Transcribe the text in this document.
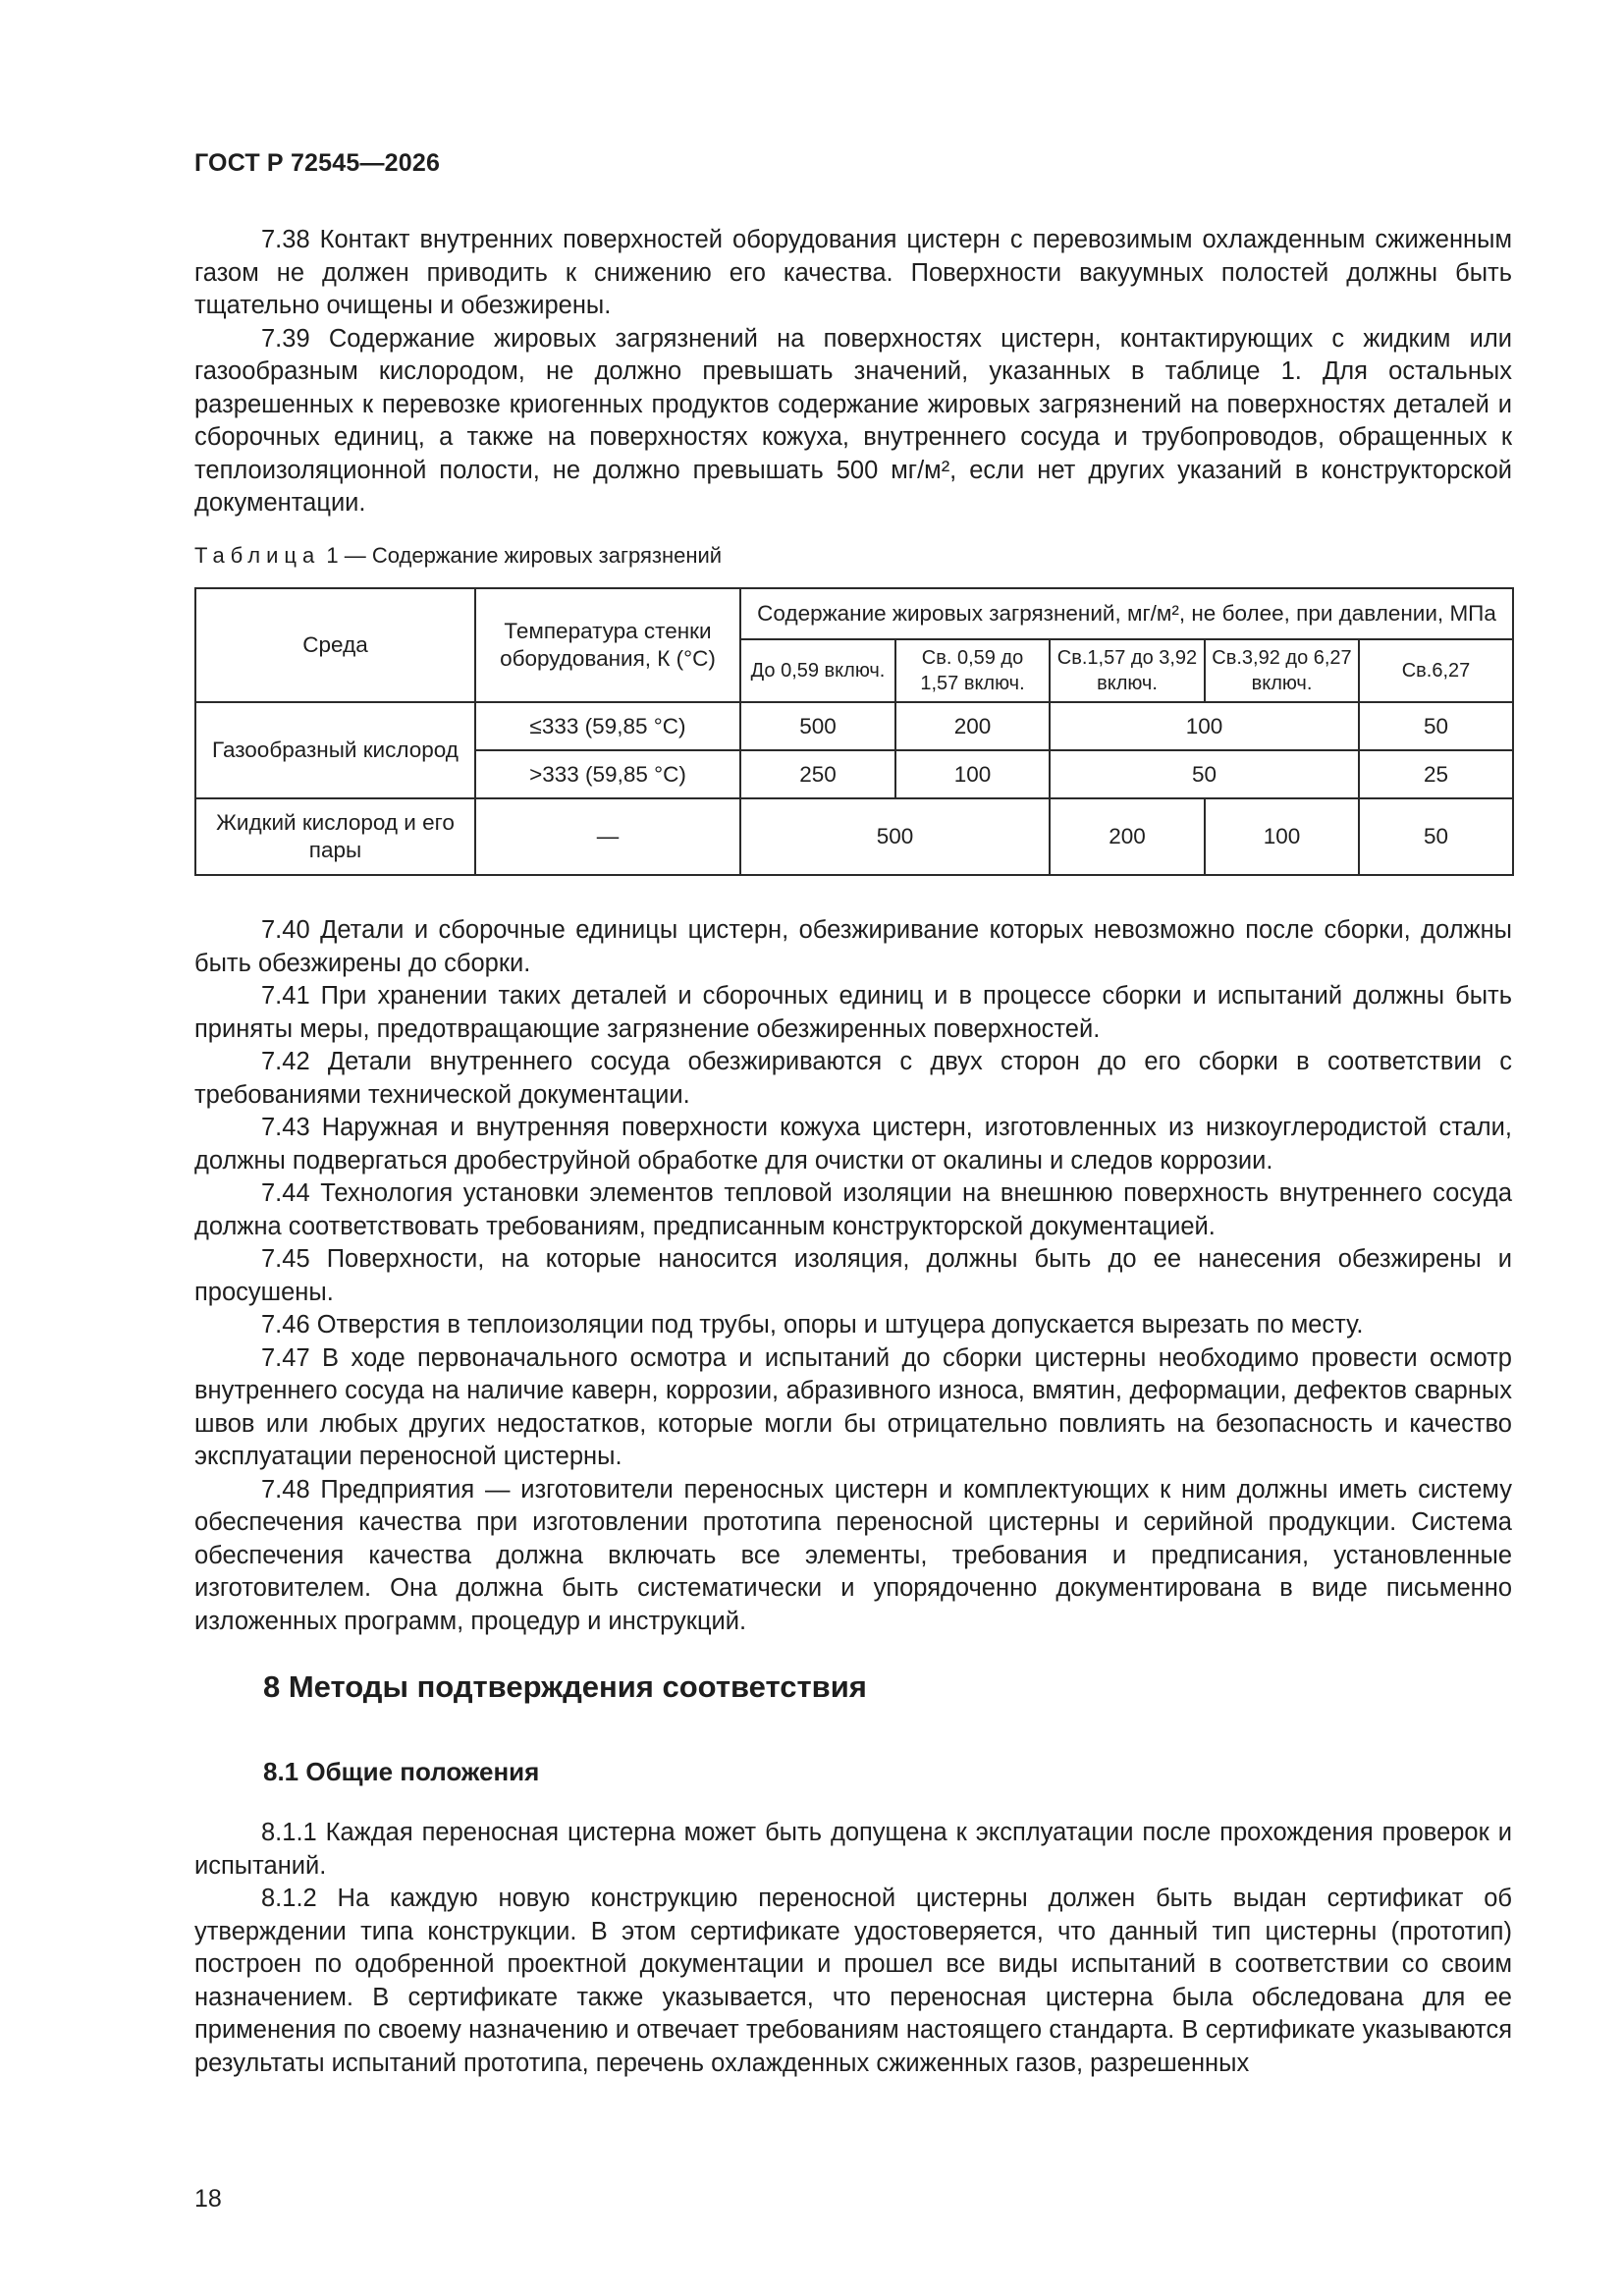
ГОСТ Р 72545—2026

7.38 Контакт внутренних поверхностей оборудования цистерн с перевозимым охлажденным сжиженным газом не должен приводить к снижению его качества. Поверхности вакуумных полостей должны быть тщательно очищены и обезжирены.

7.39 Содержание жировых загрязнений на поверхностях цистерн, контактирующих с жидким или газообразным кислородом, не должно превышать значений, указанных в таблице 1. Для остальных разрешенных к перевозке криогенных продуктов содержание жировых загрязнений на поверхностях деталей и сборочных единиц, а также на поверхностях кожуха, внутреннего сосуда и трубопроводов, обращенных к теплоизоляционной полости, не должно превышать 500 мг/м², если нет других указаний в конструкторской документации.

Таблица 1 — Содержание жировых загрязнений
Среда	Температура стенки оборудования, К (°С)	Содержание жировых загрязнений, мг/м², не более, при давлении, МПа				
		До 0,59 включ.	Св. 0,59 до 1,57 включ.	Св.1,57 до 3,92 включ.	Св.3,92 до 6,27 включ.	Св.6,27
Газообразный кислород	≤333 (59,85 °С)	500	200	100		50
	>333 (59,85 °С)	250	100	50		25
Жидкий кислород и его пары	—	500		200	100	50

7.40 Детали и сборочные единицы цистерн, обезжиривание которых невозможно после сборки, должны быть обезжирены до сборки.

7.41 При хранении таких деталей и сборочных единиц и в процессе сборки и испытаний должны быть приняты меры, предотвращающие загрязнение обезжиренных поверхностей.

7.42 Детали внутреннего сосуда обезжириваются с двух сторон до его сборки в соответствии с требованиями технической документации.

7.43 Наружная и внутренняя поверхности кожуха цистерн, изготовленных из низкоуглеродистой стали, должны подвергаться дробеструйной обработке для очистки от окалины и следов коррозии.

7.44 Технология установки элементов тепловой изоляции на внешнюю поверхность внутреннего сосуда должна соответствовать требованиям, предписанным конструкторской документацией.

7.45 Поверхности, на которые наносится изоляция, должны быть до ее нанесения обезжирены и просушены.

7.46 Отверстия в теплоизоляции под трубы, опоры и штуцера допускается вырезать по месту.

7.47 В ходе первоначального осмотра и испытаний до сборки цистерны необходимо провести осмотр внутреннего сосуда на наличие каверн, коррозии, абразивного износа, вмятин, деформации, дефектов сварных швов или любых других недостатков, которые могли бы отрицательно повлиять на безопасность и качество эксплуатации переносной цистерны.

7.48 Предприятия — изготовители переносных цистерн и комплектующих к ним должны иметь систему обеспечения качества при изготовлении прототипа переносной цистерны и серийной продукции. Система обеспечения качества должна включать все элементы, требования и предписания, установленные изготовителем. Она должна быть систематически и упорядоченно документирована в виде письменно изложенных программ, процедур и инструкций.

8 Методы подтверждения соответствия
8.1 Общие положения

8.1.1 Каждая переносная цистерна может быть допущена к эксплуатации после прохождения проверок и испытаний.

8.1.2 На каждую новую конструкцию переносной цистерны должен быть выдан сертификат об утверждении типа конструкции. В этом сертификате удостоверяется, что данный тип цистерны (прототип) построен по одобренной проектной документации и прошел все виды испытаний в соответствии со своим назначением. В сертификате также указывается, что переносная цистерна была обследована для ее применения по своему назначению и отвечает требованиям настоящего стандарта. В сертификате указываются результаты испытаний прототипа, перечень охлажденных сжиженных газов, разрешенных

18
